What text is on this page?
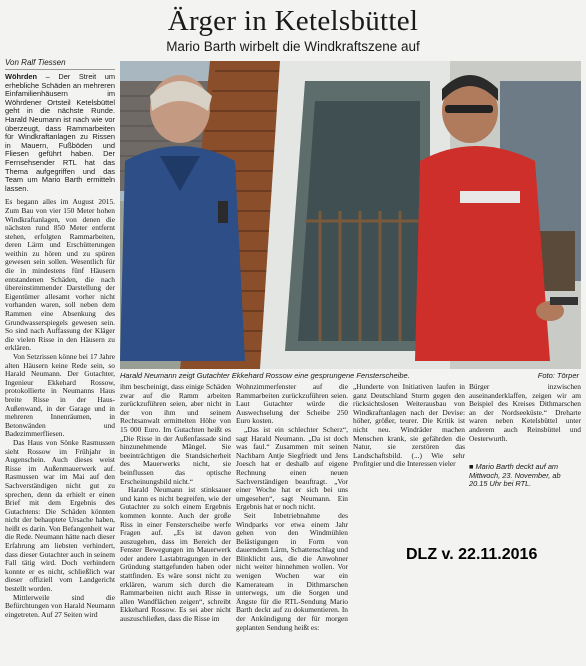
Ärger in Ketelsbüttel
Mario Barth wirbelt die Windkraftszene auf
Von Ralf Tiessen
Wöhrden – Der Streit um erhebliche Schäden an mehreren Einfamilienhäusern im Wöhrdener Ortsteil Ketelsbüttel geht in die nächste Runde. Harald Neumann ist nach wie vor überzeugt, dass Rammarbeiten für Windkraftanlagen zu Rissen in Mauern, Fußböden und Fliesen geführt haben. Der Fernsehsender RTL hat das Thema aufgegriffen und das Team um Mario Barth ermitteln lassen.

Es begann alles im August 2015. Zum Bau von vier 150 Meter hohen Windkraftanlagen, von denen die nächsten rund 850 Meter entfernt stehen, erfolgten Rammarbeiten, deren Lärm und Erschütterungen weithin zu hören und zu spüren gewesen sein sollen. Wesentlich für die in mindestens fünf Häusern entstandenen Schäden, die nach übereinstimmender Darstellung der Eigentümer allesamt vorher nicht vorhanden waren, soll neben dem Rammen eine Absenkung des Grundwasserspiegels gewesen sein. So sind nach Auffassung der Kläger die vielen Risse in den Häusern zu erklären.

Von Setzrissen könne bei 17 Jahre alten Häusern keine Rede sein, so Harald Neumann. Der Gutachter, Ingenieur Ekkehard Rossow, protokollierte in Neumanns Haus breite Risse in der Haus-Außenwand, in der Garage und in mehreren Innenräumen, in Betonwänden und Badezimmerfliesen.

Das Haus von Sönke Rasmussen sieht Rossow im Frühjahr in Augenschein. Auch dieses weist Risse im Außenmauerwerk auf. Rasmussen war im Mai auf den Sachverständigen nicht gut zu sprechen, denn da erhielt er einen Brief mit dem Ergebnis des Gutachtens: Die Schäden könnten nicht der behauptete Ursache haben, heißt es darin. Von Befangenheit war die Rede. Neumann hätte nach dieser Erfahrung am liebsten verhindert, dass dieser Gutachter auch in seinem Fall tätig wird. Doch verhindern konnte er es nicht, schließlich war dieser offiziell vom Landgericht bestellt worden.

Mittlerweile sind die Befürchtungen von Harald Neumann eingetreten. Auf 27 Seiten wird

Harald Neumann zeigt Gutachter Ekkehard Rossow eine gesprungene Fensterscheibe.	Foto: Törper

ihm bescheinigt, dass einige Schäden zwar auf die Ramm arbeiten zurückzuführen seien, aber nicht in der von ihm und seinem Rechtsanwalt ermittelten Höhe von 15 000 Euro. Im Gutachten heißt es „Die Risse in der Außenfassade sind hinzunehmende Mängel. Sie beeinträchtigen die Standsicherheit des Mauerwerks nicht, sie beinflussen das optische Erscheinungsbild nicht.“

Harald Neumann ist stinksauer und kann es nicht begreifen, wie der Gutachter zu solch einem Ergebnis kommen konnte. Auch der große Riss in einer Fensterscheibe werfe Fragen auf. „Es ist davon auszugehen, dass im Bereich der Fenster Bewegungen im Mauerwerk oder andere Lastabtragungen in der Gründung stattgefunden haben oder stattfinden. Es wäre sonst nicht zu erklären, warum sich durch die Rammarbeiten nicht auch Risse in allen Wandflächen zeigen“, schreibt Ekkehard Rossow. Es sei aber nicht auszuschließen, dass die Risse im

Wohnzimmerfenster auf die Rammarbeiten zurückzuführen seien. Laut Gutachter würde die Auswechselung der Scheibe 250 Euro kosten.

„Das ist ein schlechter Scherz“, sagt Harald Neumann. „Da ist doch was faul.“ Zusammen mit seinen Nachbarn Antje Siegfriedt und Jens Joesch hat er deshalb auf eigene Rechnung einen neuen Sachverständigen beauftragt. „Vor einer Woche hat er sich bei uns umgesehen“, sagt Neumann. Ein Ergebnis hat er noch nicht.

Seit Inbetriebnahme des Windparks vor etwa einem Jahr gehen von den Windmühlen Belästigungen in Form von dauerndem Lärm, Schattenschlag und Blinklicht aus, die die Anwohner nicht weiter hinnehmen wollen. Vor wenigen Wochen war ein Kamerateam in Dithmarschen unterwegs, um die Sorgen und Ängste für die RTL-Sendung Mario Barth deckt auf zu dokumentieren. In der Ankündigung der für morgen geplanten Sendung heißt es:

„Hunderte von Initiativen laufen in ganz Deutschland Sturm gegen den rücksichtslosen Weiterausbau von Windkraftanlagen nach der Devise: höher, größer, teurer. Die Kritik ist nicht neu. Windräder machen Menschen krank, sie gefährden die Natur, sie zerstören das Landschaftsbild. (...) Wie sehr Profitgier und die Interessen vieler

Bürger inzwischen auseinanderklaffen, zeigen wir am Beispiel des Kreises Dithmarschen an der Nordseeküste.“ Dreharte waren neben Ketelsbüttel unter anderem auch Reinsbüttel und Oesterwurth.

■ Mario Barth deckt auf am Mittwoch, 23. November, ab 20.15 Uhr bei RTL.
DLZ v. 22.11.2016
